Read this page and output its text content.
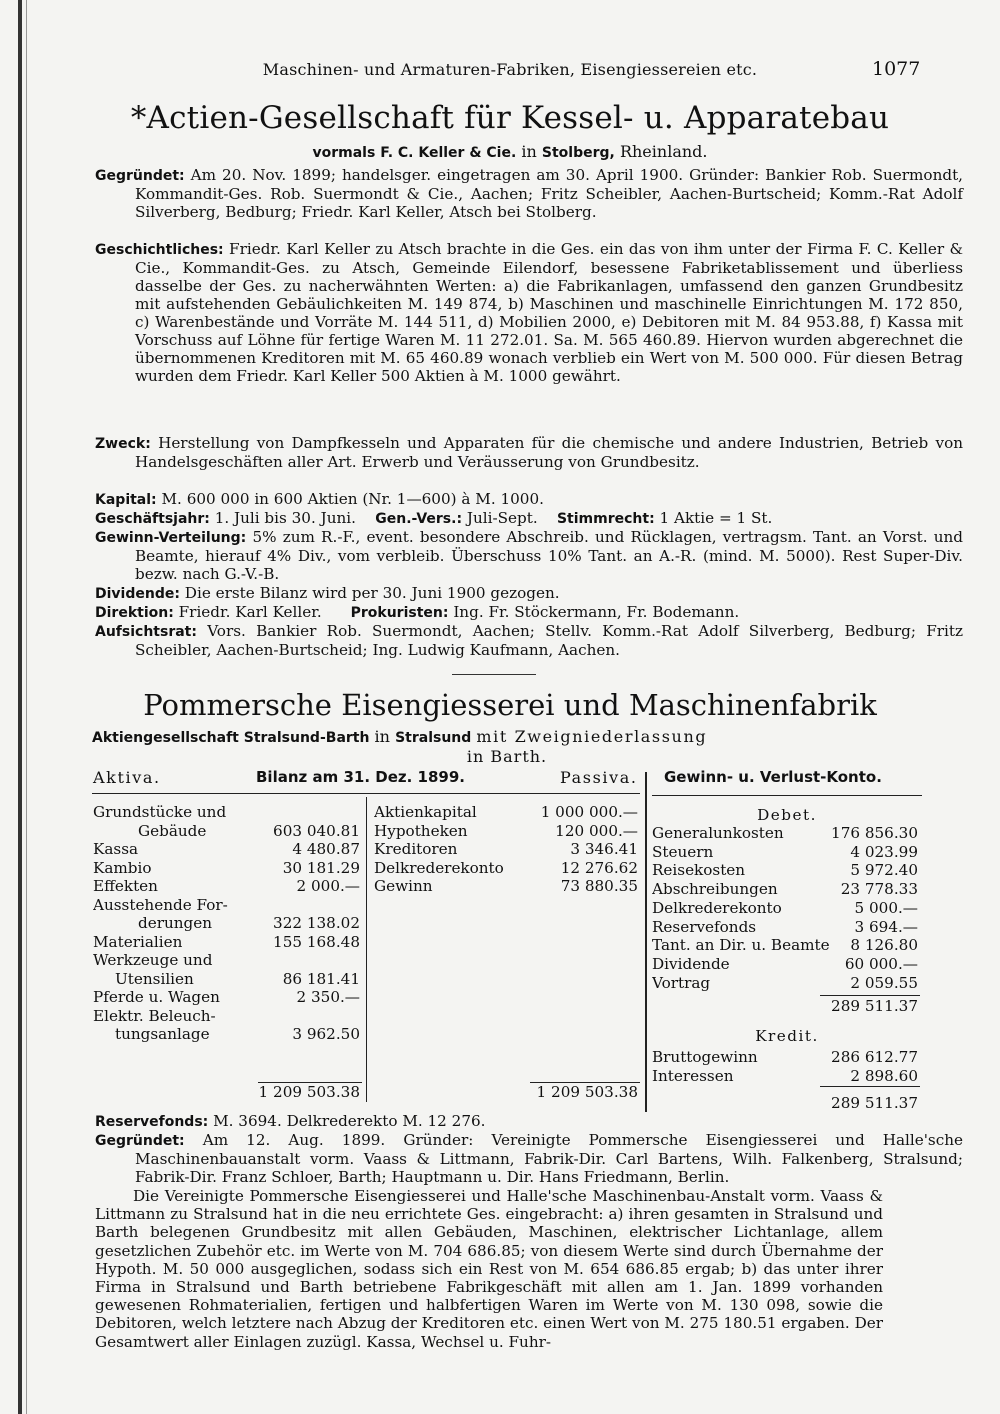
Maschinen- und Armaturen-Fabriken, Eisengiessereien etc.	1077
*Actien-Gesellschaft für Kessel- u. Apparatebau
vormals F. C. Keller & Cie. in Stolberg, Rheinland.
Gegründet: Am 20. Nov. 1899; handelsger. eingetragen am 30. April 1900. Gründer: Bankier Rob. Suermondt, Kommandit-Ges. Rob. Suermondt & Cie., Aachen; Fritz Scheibler, Aachen-Burtscheid; Komm.-Rat Adolf Silverberg, Bedburg; Friedr. Karl Keller, Atsch bei Stolberg.
Geschichtliches: Friedr. Karl Keller zu Atsch brachte in die Ges. ein das von ihm unter der Firma F. C. Keller & Cie., Kommandit-Ges. zu Atsch, Gemeinde Eilendorf, besessene Fabriketablissement und überliess dasselbe der Ges. zu nacherwähnten Werten: a) die Fabrikanlagen, umfassend den ganzen Grundbesitz mit aufstehenden Gebäulichkeiten M. 149 874, b) Maschinen und maschinelle Einrichtungen M. 172 850, c) Warenbestände und Vorräte M. 144 511, d) Mobilien 2000, e) Debitoren mit M. 84 953.88, f) Kassa mit Vorschuss auf Löhne für fertige Waren M. 11 272.01. Sa. M. 565 460.89. Hiervon wurden abgerechnet die übernommenen Kreditoren mit M. 65 460.89 wonach verblieb ein Wert von M. 500 000. Für diesen Betrag wurden dem Friedr. Karl Keller 500 Aktien à M. 1000 gewährt.
Zweck: Herstellung von Dampfkesseln und Apparaten für die chemische und andere Industrien, Betrieb von Handelsgeschäften aller Art. Erwerb und Veräusserung von Grundbesitz.
Kapital: M. 600 000 in 600 Aktien (Nr. 1—600) à M. 1000.
Geschäftsjahr: 1. Juli bis 30. Juni. Gen.-Vers.: Juli-Sept. Stimmrecht: 1 Aktie = 1 St.
Gewinn-Verteilung: 5% zum R.-F., event. besondere Abschreib. und Rücklagen, vertragsm. Tant. an Vorst. und Beamte, hierauf 4% Div., vom verbleib. Überschuss 10% Tant. an A.-R. (mind. M. 5000). Rest Super-Div. bezw. nach G.-V.-B.
Dividende: Die erste Bilanz wird per 30. Juni 1900 gezogen.
Direktion: Friedr. Karl Keller. Prokuristen: Ing. Fr. Stöckermann, Fr. Bodemann.
Aufsichtsrat: Vors. Bankier Rob. Suermondt, Aachen; Stellv. Komm.-Rat Adolf Silverberg, Bedburg; Fritz Scheibler, Aachen-Burtscheid; Ing. Ludwig Kaufmann, Aachen.
Pommersche Eisengiesserei und Maschinenfabrik
Aktiengesellschaft Stralsund-Barth in Stralsund mit Zweigniederlassung
in Barth.
Aktiva.	Bilanz am 31. Dez. 1899.	Passiva. Gewinn- u. Verlust-Konto.
Grundstücke und
Gebäude	603 040.81
Kassa	4 480.87
Kambio	30 181.29
Effekten	2 000.—
Ausstehende For-
derungen	322 138.02
Materialien	155 168.48
Werkzeuge und
Utensilien	86 181.41
Pferde u. Wagen	2 350.—
Elektr. Beleuch-
tungsanlage	3 962.50
1 209 503.38
Aktienkapital	1 000 000.—
Hypotheken	120 000.—
Kreditoren	3 346.41
Delkrederekonto	12 276.62
Gewinn	73 880.35
1 209 503.38
Debet.
Generalunkosten	176 856.30
Steuern	4 023.99
Reisekosten	5 972.40
Abschreibungen	23 778.33
Delkrederekonto	5 000.—
Reservefonds	3 694.—
Tant. an Dir. u. Beamte	8 126.80
Dividende	60 000.—
Vortrag	2 059.55
289 511.37
Kredit.
Bruttogewinn	286 612.77
Interessen	2 898.60
289 511.37
Reservefonds: M. 3694. Delkrederekto M. 12 276.
Gegründet: Am 12. Aug. 1899. Gründer: Vereinigte Pommersche Eisengiesserei und Halle'sche Maschinenbauanstalt vorm. Vaass & Littmann, Fabrik-Dir. Carl Bartens, Wilh. Falkenberg, Stralsund; Fabrik-Dir. Franz Schloer, Barth; Hauptmann u. Dir. Hans Friedmann, Berlin.
Die Vereinigte Pommersche Eisengiesserei und Halle'sche Maschinenbau-Anstalt vorm. Vaass & Littmann zu Stralsund hat in die neu errichtete Ges. eingebracht: a) ihren gesamten in Stralsund und Barth belegenen Grundbesitz mit allen Gebäuden, Maschinen, elektrischer Lichtanlage, allem gesetzlichen Zubehör etc. im Werte von M. 704 686.85; von diesem Werte sind durch Übernahme der Hypoth. M. 50 000 ausgeglichen, sodass sich ein Rest von M. 654 686.85 ergab; b) das unter ihrer Firma in Stralsund und Barth betriebene Fabrikgeschäft mit allen am 1. Jan. 1899 vorhanden gewesenen Rohmaterialien, fertigen und halbfertigen Waren im Werte von M. 130 098, sowie die Debitoren, welch letztere nach Abzug der Kreditoren etc. einen Wert von M. 275 180.51 ergaben. Der Gesamtwert aller Einlagen zuzügl. Kassa, Wechsel u. Fuhr-
